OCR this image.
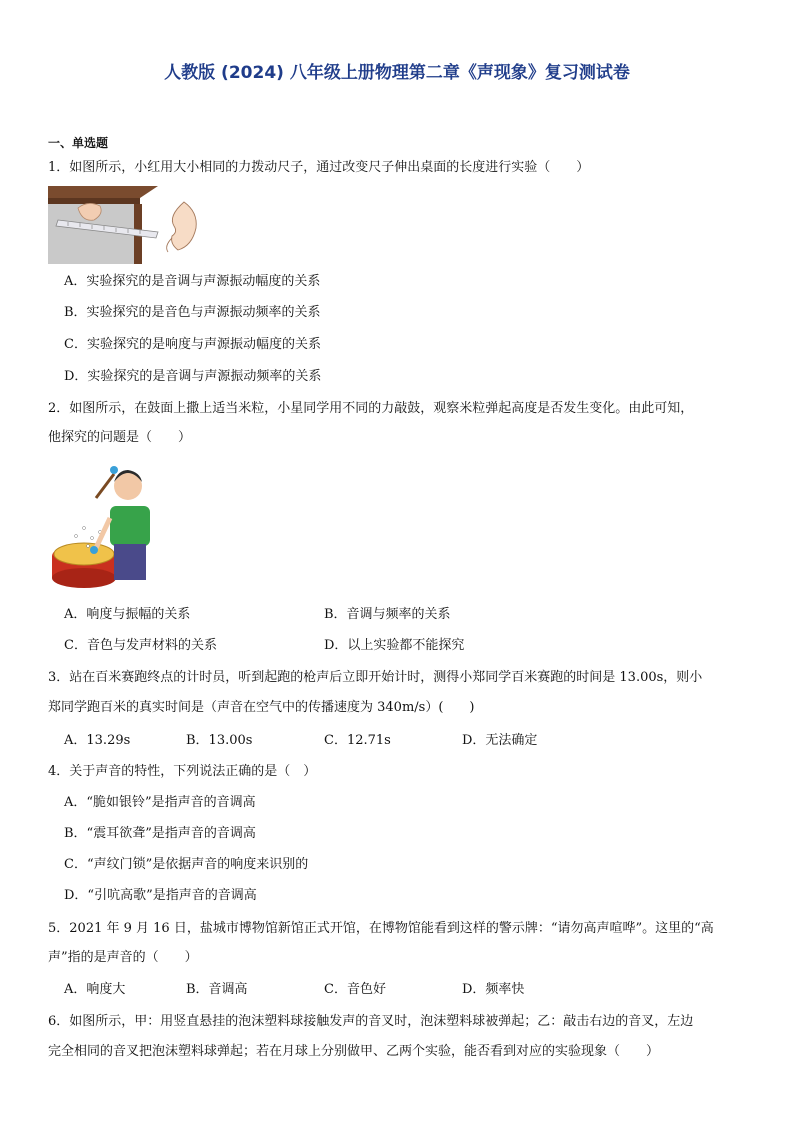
人教版 (2024) 八年级上册物理第二章《声现象》复习测试卷
一、单选题
1．如图所示，小红用大小相同的力拨动尺子，通过改变尺子伸出桌面的长度进行实验（　　）
A．实验探究的是音调与声源振动幅度的关系
B．实验探究的是音色与声源振动频率的关系
C．实验探究的是响度与声源振动幅度的关系
D．实验探究的是音调与声源振动频率的关系
2．如图所示，在鼓面上撒上适当米粒，小星同学用不同的力敲鼓，观察米粒弹起高度是否发生变化。由此可知，
他探究的问题是（　　）
A．响度与振幅的关系	B．音调与频率的关系
C．音色与发声材料的关系	D．以上实验都不能探究
3．站在百米赛跑终点的计时员，听到起跑的枪声后立即开始计时，测得小郑同学百米赛跑的时间是 13.00s，则小
郑同学跑百米的真实时间是（声音在空气中的传播速度为 340m/s）(　　)
A．13.29s	B．13.00s	C．12.71s	D．无法确定
4．关于声音的特性，下列说法正确的是（　）
A．“脆如银铃”是指声音的音调高
B．“震耳欲聋”是指声音的音调高
C．“声纹门锁”是依据声音的响度来识别的
D．“引吭高歌”是指声音的音调高
5．2021 年 9 月 16 日，盐城市博物馆新馆正式开馆，在博物馆能看到这样的警示牌：“请勿高声喧哗”。这里的“高
声”指的是声音的（　　）
A．响度大	B．音调高	C．音色好	D．频率快
6．如图所示，甲：用竖直悬挂的泡沫塑料球接触发声的音叉时，泡沫塑料球被弹起；乙：敲击右边的音叉，左边
完全相同的音叉把泡沫塑料球弹起；若在月球上分别做甲、乙两个实验，能否看到对应的实验现象（　　）
